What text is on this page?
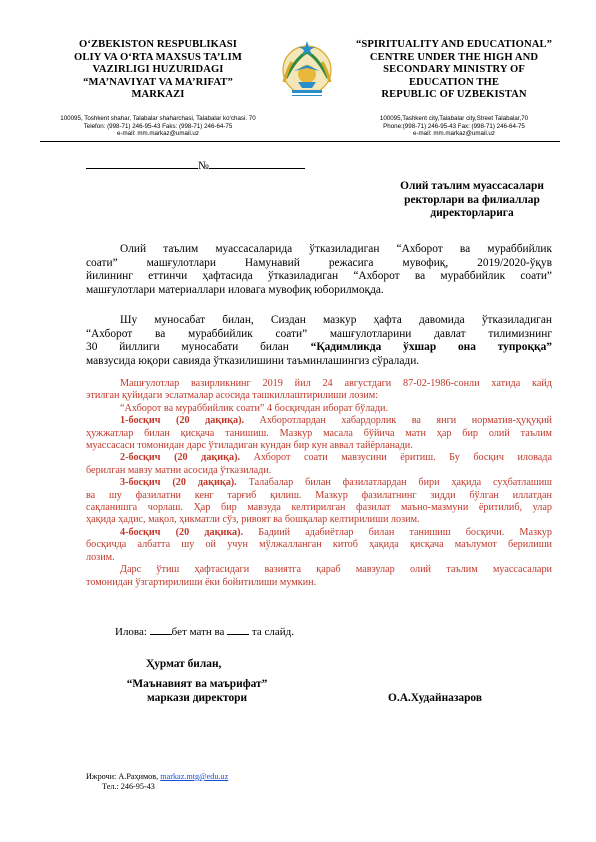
O‘ZBEKISTON RESPUBLIKASI
OLIY VA O‘RTA MAXSUS TA’LIM
VAZIRLIGI HUZURIDAGI
“MA’NAVIYAT VA MA’RIFAT”
MARKAZI
100095, Toshkent shahar, Talabalar shaharchasi, Talabalar ko‘chasi. 70
Telefon: (998-71) 246-95-43 Faks: (998-71) 246-64-75
e-mail: mm.markaz@umail.uz
“SPIRITUALITY AND EDUCATIONAL”
CENTRE UNDER THE HIGH AND
SECONDARY MINISTRY OF
EDUCATION THE
REPUBLIC OF UZBEKISTAN
100095,Tashkent city,Talabalar city,Street Talabalar,70
Phone:(998-71) 246-95-43 Fax: (998-71) 246-64-75
e-mail: mm.markaz@umail.uz
№
Олий таълим муассасалари
ректорлари ва филиаллар
директорларига
Олий таълим муассасаларида ўтказиладиган “Ахборот ва мураббийлик
соати” машғулотлари Намунавий режасига мувофиқ, 2019/2020-ўқув
йилининг еттинчи ҳафтасида ўтказиладиган “Ахборот ва мураббийлик соати”
машғулотлари материаллари иловага мувофиқ юборилмоқда.
Шу муносабат билан, Сиздан мазкур ҳафта давомида ўтказиладиган
“Ахборот ва мураббийлик соати” машғулотларини давлат тилимизнинг
30 йиллиги муносабати билан “Қадимликда ўхшар она тупроққа”
мавзусида юқори савияда ўтказилишини таъминлашингиз сўралади.
Машғулотлар вазирликнинг 2019 йил 24 августдаги 87-02-1986-сонли хатида кайд
этилган қуйидаги эслатмалар асосида ташкиллаштирилиши лозим:
“Ахборот ва мураббийлик соати” 4 босқичдан иборат бўлади.
1-босқич (20 дақиқа). Ахборотлардан хабардорлик ва янги норматив-ҳуқуқий
ҳужжатлар билан қисқача танишиш. Мазкур масала бўйича матн ҳар бир олий таълим
муассасаси томонидан дарс ўтиладиган кундан бир кун аввал тайёрланади.
2-босқич (20 дақиқа). Ахборот соати мавзусини ёритиш. Бу босқич иловада
берилган мавзу матни асосида ўтказилади.
3-босқич (20 дақиқа). Талабалар билан фазилатлардан бири ҳақида суҳбатлашиш
ва шу фазилатни кенг тарғиб қилиш. Мазкур фазилатнинг зидди бўлган иллатдан
сақланишга чорлаш. Ҳар бир мавзуда келтирилган фазилат маъно-мазмуни ёритилиб, улар
ҳақида ҳадис, мақол, ҳикматли сўз, ривоят ва бошқалар келтирилиши лозим.
4-босқич (20 дақика). Бадиий адабиётлар билан танишиш босқичи. Мазкур
босқичда албатта шу ой учун мўлжалланган китоб ҳақида қисқача маълумот берилиши
лозим.
Дарс ўтиш ҳафтасидаги вазиятга қараб мавзулар олий таълим муассасалари
томонидан ўзгартирилиши ёки бойитилиши мумкин.
Илова: бет матн ва	та слайд.
Ҳурмат билан,
“Маънавият ва маърифат”
маркази директори	О.А.Худайназаров
Ижрочи: А.Раҳимов, markaz.mtg@edu.uz
Тел.: 246-95-43
